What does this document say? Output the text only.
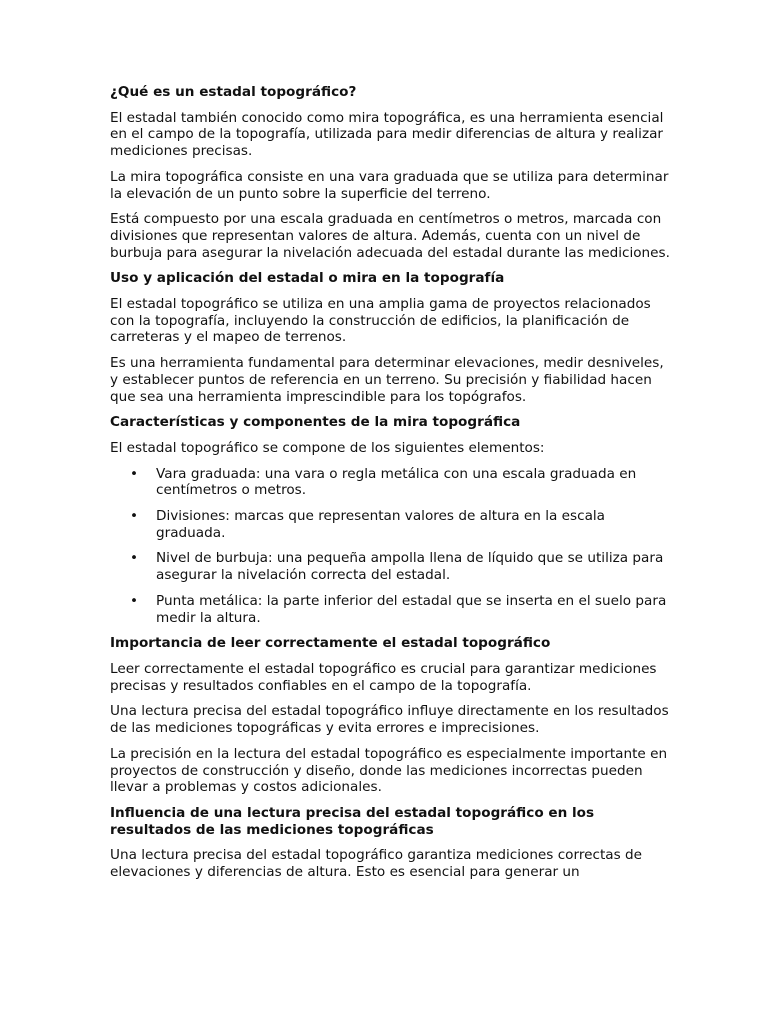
¿Qué es un estadal topográfico?

El estadal también conocido como mira topográfica, es una herramienta esencial en el campo de la topografía, utilizada para medir diferencias de altura y realizar mediciones precisas.

La mira topográfica consiste en una vara graduada que se utiliza para determinar la elevación de un punto sobre la superficie del terreno.

Está compuesto por una escala graduada en centímetros o metros, marcada con divisiones que representan valores de altura. Además, cuenta con un nivel de burbuja para asegurar la nivelación adecuada del estadal durante las mediciones.

Uso y aplicación del estadal o mira en la topografía

El estadal topográfico se utiliza en una amplia gama de proyectos relacionados con la topografía, incluyendo la construcción de edificios, la planificación de carreteras y el mapeo de terrenos.

Es una herramienta fundamental para determinar elevaciones, medir desniveles, y establecer puntos de referencia en un terreno. Su precisión y fiabilidad hacen que sea una herramienta imprescindible para los topógrafos.

Características y componentes de la mira topográfica

El estadal topográfico se compone de los siguientes elementos:

• Vara graduada: una vara o regla metálica con una escala graduada en centímetros o metros.
• Divisiones: marcas que representan valores de altura en la escala graduada.
• Nivel de burbuja: una pequeña ampolla llena de líquido que se utiliza para asegurar la nivelación correcta del estadal.
• Punta metálica: la parte inferior del estadal que se inserta en el suelo para medir la altura.
Importancia de leer correctamente el estadal topográfico

Leer correctamente el estadal topográfico es crucial para garantizar mediciones precisas y resultados confiables en el campo de la topografía.

Una lectura precisa del estadal topográfico influye directamente en los resultados de las mediciones topográficas y evita errores e imprecisiones.

La precisión en la lectura del estadal topográfico es especialmente importante en proyectos de construcción y diseño, donde las mediciones incorrectas pueden llevar a problemas y costos adicionales.

Influencia de una lectura precisa del estadal topográfico en los resultados de las mediciones topográficas

Una lectura precisa del estadal topográfico garantiza mediciones correctas de elevaciones y diferencias de altura. Esto es esencial para generar un
